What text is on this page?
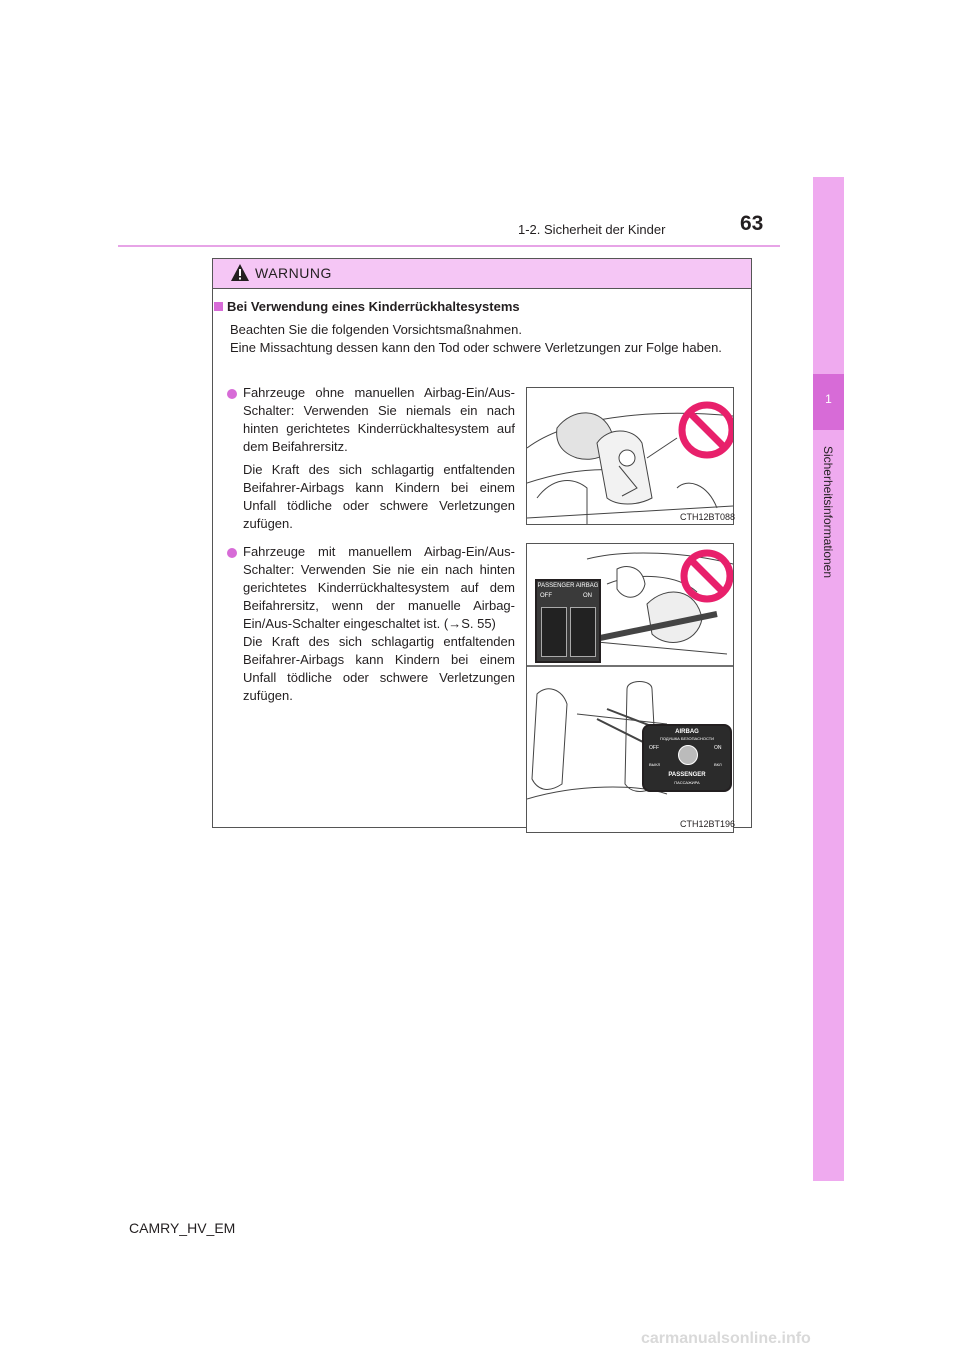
63
1-2. Sicherheit der Kinder
1
Sicherheitsinformationen
WARNUNG
Bei Verwendung eines Kinderrückhaltesystems
Beachten Sie die folgenden Vorsichtsmaßnahmen.
Eine Missachtung dessen kann den Tod oder schwere Verletzungen zur Folge haben.
Fahrzeuge ohne manuellen Airbag-Ein/Aus-Schalter: Verwenden Sie niemals ein nach hinten gerichtetes Kinderrückhaltesystem auf dem Beifahrersitz.
Die Kraft des sich schlagartig entfaltenden Beifahrer-Airbags kann Kindern bei einem Unfall tödliche oder schwere Verletzungen zufügen.	CTH12BT088
Fahrzeuge mit manuellem Airbag-Ein/Aus-Schalter: Verwenden Sie nie ein nach hinten gerichtetes Kinderrückhaltesystem auf dem Beifahrersitz, wenn der manuelle Airbag-Ein/Aus-Schalter eingeschaltet ist. (→S. 55)
Die Kraft des sich schlagartig entfaltenden Beifahrer-Airbags kann Kindern bei einem Unfall tödliche oder schwere Verletzungen zufügen.
PASSENGER AIRBAG
OFF	ON
AIRBAG
ПОДУШКА БЕЗОПАСНОСТИ
OFF	ON
ВЫКЛ	ВКЛ
PASSENGER
ПАССАЖИРА
CTH12BT196
CAMRY_HV_EM
carmanualsonline.info
